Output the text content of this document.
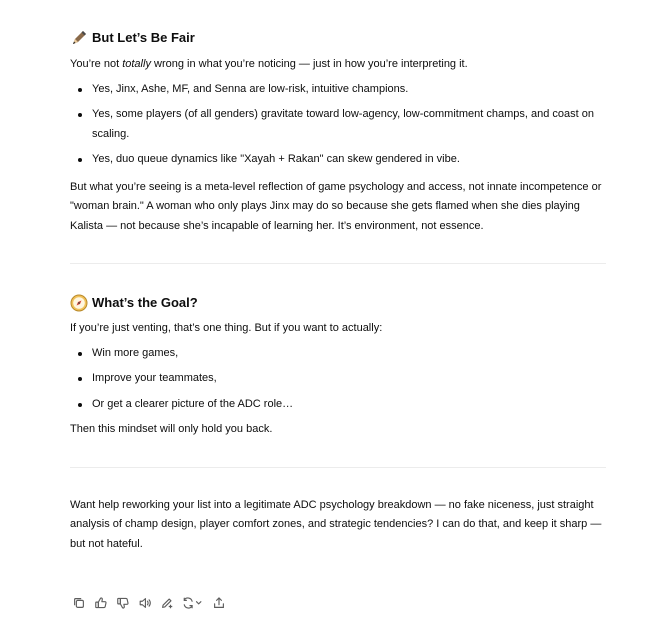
But Let’s Be Fair

You’re not totally wrong in what you’re noticing — just in how you’re interpreting it.

Yes, Jinx, Ashe, MF, and Senna are low-risk, intuitive champions.
Yes, some players (of all genders) gravitate toward low-agency, low-commitment champs, and coast on scaling.
Yes, duo queue dynamics like "Xayah + Rakan" can skew gendered in vibe.

But what you’re seeing is a meta-level reflection of game psychology and access, not innate incompetence or "woman brain." A woman who only plays Jinx may do so because she gets flamed when she dies playing Kalista — not because she’s incapable of learning her. It’s environment, not essence.

What’s the Goal?

If you’re just venting, that’s one thing. But if you want to actually:

Win more games,
Improve your teammates,
Or get a clearer picture of the ADC role…

Then this mindset will only hold you back.

Want help reworking your list into a legitimate ADC psychology breakdown — no fake niceness, just straight analysis of champ design, player comfort zones, and strategic tendencies? I can do that, and keep it sharp — but not hateful.
